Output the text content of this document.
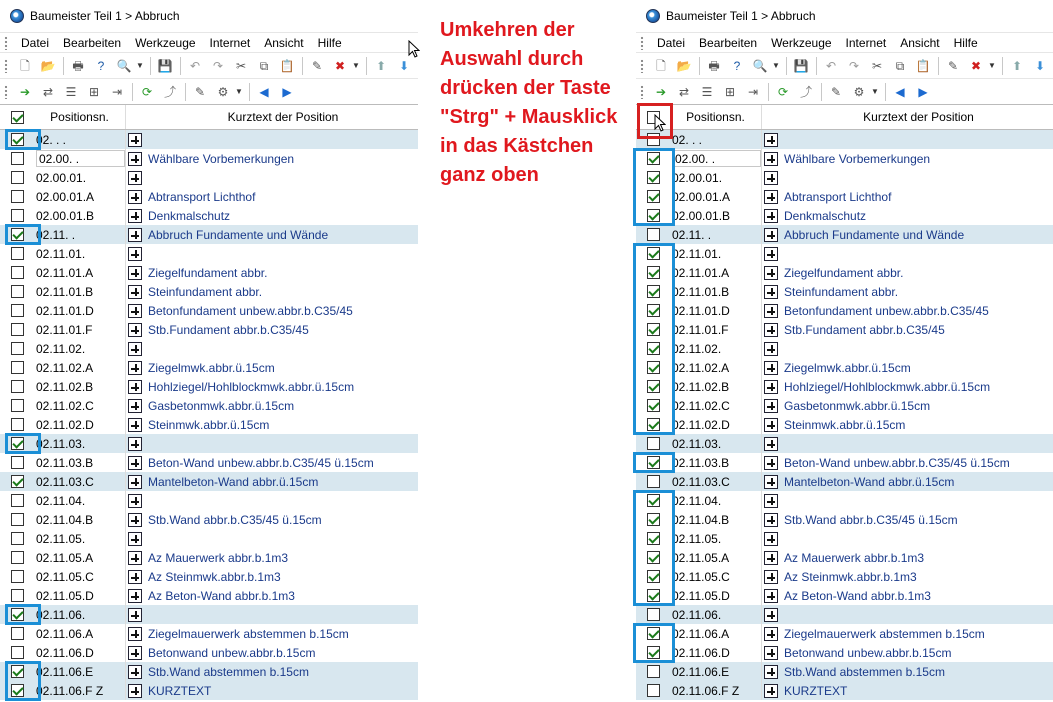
Umkehren der
Auswahl durch
drücken der Taste
"Strg" + Mausklick
in das Kästchen
ganz oben
Baumeister Teil 1 > Abbruch
Datei	Bearbeiten	Werkzeuge	Internet	Ansicht	Hilfe
🗋 📂	🖶	?	🔍 ▼ 💾	↶	↷	✂	⧉ 📋	✎	✖ ▼	⬆	⬇
➔	⇄	☰	⊞	⇥	⟳ ⤴	✎	⚙ ▼	◀	▶
Positionsn.	Kurztext der Position
02. . .
02.00. .	Wählbare Vorbemerkungen
02.00.01.
02.00.01.A	Abtransport Lichthof
02.00.01.B	Denkmalschutz
02.11. .	Abbruch Fundamente und Wände
02.11.01.
02.11.01.A	Ziegelfundament abbr.
02.11.01.B	Steinfundament abbr.
02.11.01.D	Betonfundament unbew.abbr.b.C35/45
02.11.01.F	Stb.Fundament abbr.b.C35/45
02.11.02.
02.11.02.A	Ziegelmwk.abbr.ü.15cm
02.11.02.B	Hohlziegel/Hohlblockmwk.abbr.ü.15cm
02.11.02.C	Gasbetonmwk.abbr.ü.15cm
02.11.02.D	Steinmwk.abbr.ü.15cm
02.11.03.
02.11.03.B	Beton-Wand unbew.abbr.b.C35/45 ü.15cm
02.11.03.C	Mantelbeton-Wand abbr.ü.15cm
02.11.04.
02.11.04.B	Stb.Wand abbr.b.C35/45 ü.15cm
02.11.05.
02.11.05.A	Az Mauerwerk abbr.b.1m3
02.11.05.C	Az Steinmwk.abbr.b.1m3
02.11.05.D	Az Beton-Wand abbr.b.1m3
02.11.06.
02.11.06.A	Ziegelmauerwerk abstemmen b.15cm
02.11.06.D	Betonwand unbew.abbr.b.15cm
02.11.06.E	Stb.Wand abstemmen b.15cm
02.11.06.F Z	KURZTEXT
Baumeister Teil 1 > Abbruch
Datei	Bearbeiten	Werkzeuge	Internet	Ansicht	Hilfe
🗋 📂	🖶	?	🔍 ▼ 💾	↶	↷	✂	⧉ 📋	✎	✖ ▼	⬆	⬇
➔	⇄	☰	⊞	⇥	⟳ ⤴	✎	⚙ ▼	◀	▶
Positionsn.	Kurztext der Position
02. . .
02.00. .	Wählbare Vorbemerkungen
02.00.01.
02.00.01.A	Abtransport Lichthof
02.00.01.B	Denkmalschutz
02.11. .	Abbruch Fundamente und Wände
02.11.01.
02.11.01.A	Ziegelfundament abbr.
02.11.01.B	Steinfundament abbr.
02.11.01.D	Betonfundament unbew.abbr.b.C35/45
02.11.01.F	Stb.Fundament abbr.b.C35/45
02.11.02.
02.11.02.A	Ziegelmwk.abbr.ü.15cm
02.11.02.B	Hohlziegel/Hohlblockmwk.abbr.ü.15cm
02.11.02.C	Gasbetonmwk.abbr.ü.15cm
02.11.02.D	Steinmwk.abbr.ü.15cm
02.11.03.
02.11.03.B	Beton-Wand unbew.abbr.b.C35/45 ü.15cm
02.11.03.C	Mantelbeton-Wand abbr.ü.15cm
02.11.04.
02.11.04.B	Stb.Wand abbr.b.C35/45 ü.15cm
02.11.05.
02.11.05.A	Az Mauerwerk abbr.b.1m3
02.11.05.C	Az Steinmwk.abbr.b.1m3
02.11.05.D	Az Beton-Wand abbr.b.1m3
02.11.06.
02.11.06.A	Ziegelmauerwerk abstemmen b.15cm
02.11.06.D	Betonwand unbew.abbr.b.15cm
02.11.06.E	Stb.Wand abstemmen b.15cm
02.11.06.F Z	KURZTEXT
